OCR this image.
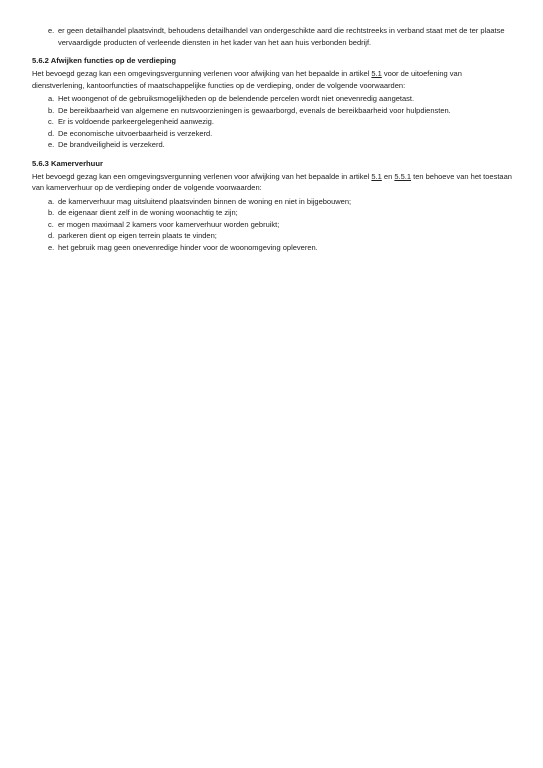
e. er geen detailhandel plaatsvindt, behoudens detailhandel van ondergeschikte aard die rechtstreeks in verband staat met de ter plaatse vervaardigde producten of verleende diensten in het kader van het aan huis verbonden bedrijf.
5.6.2 Afwijken functies op de verdieping

Het bevoegd gezag kan een omgevingsvergunning verlenen voor afwijking van het bepaalde in artikel 5.1 voor de uitoefening van dienstverlening, kantoorfuncties of maatschappelijke functies op de verdieping, onder de volgende voorwaarden:

a. Het woongenot of de gebruiksmogelijkheden op de belendende percelen wordt niet onevenredig aangetast.
b. De bereikbaarheid van algemene en nutsvoorzieningen is gewaarborgd, evenals de bereikbaarheid voor hulpdiensten.
c. Er is voldoende parkeergelegenheid aanwezig.
d. De economische uitvoerbaarheid is verzekerd.
e. De brandveiligheid is verzekerd.
5.6.3 Kamerverhuur

Het bevoegd gezag kan een omgevingsvergunning verlenen voor afwijking van het bepaalde in artikel 5.1 en 5.5.1 ten behoeve van het toestaan van kamerverhuur op de verdieping onder de volgende voorwaarden:

a. de kamerverhuur mag uitsluitend plaatsvinden binnen de woning en niet in bijgebouwen;
b. de eigenaar dient zelf in de woning woonachtig te zijn;
c. er mogen maximaal 2 kamers voor kamerverhuur worden gebruikt;
d. parkeren dient op eigen terrein plaats te vinden;
e. het gebruik mag geen onevenredige hinder voor de woonomgeving opleveren.
